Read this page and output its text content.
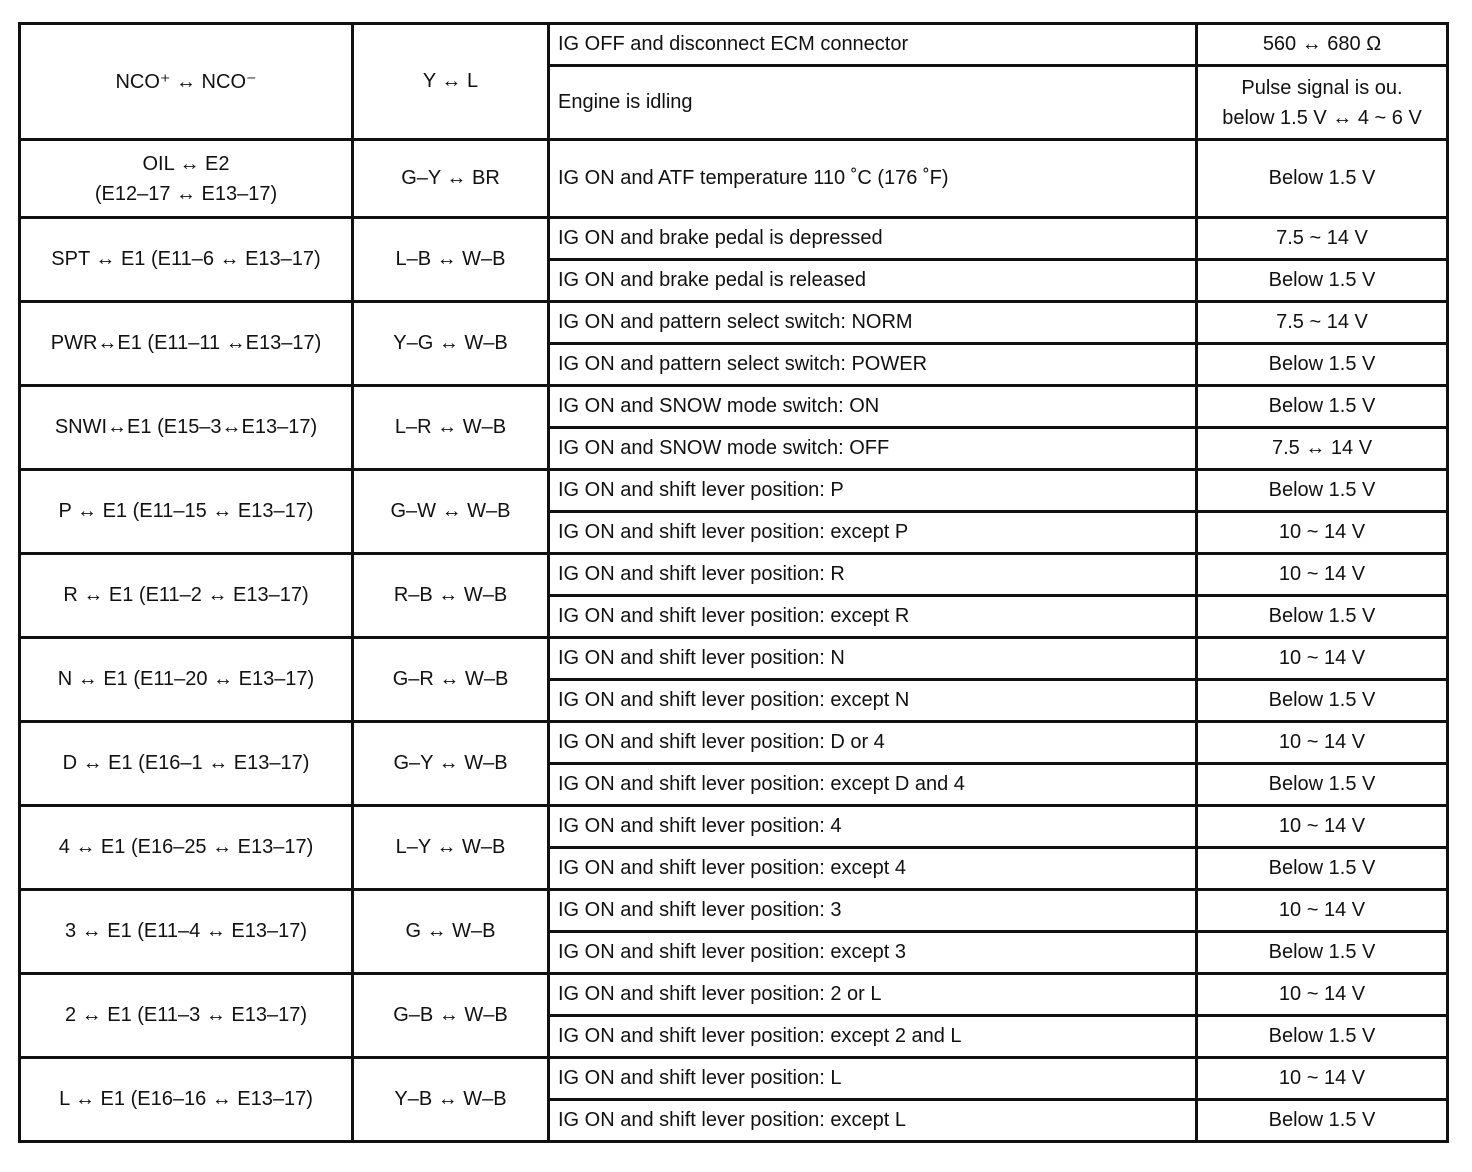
NCO⁺ ↔ NCO⁻	Y ↔ L	IG OFF and disconnect ECM connector	560 ↔ 680 Ω

		Engine is idling	Pulse signal is ou.
below 1.5 V ↔ 4 ~ 6 V

OIL ↔ E2
(E12–17 ↔ E13–17)	G–Y ↔ BR	IG ON and ATF temperature 110 ˚C (176 ˚F)	Below 1.5 V

SPT ↔ E1 (E11–6 ↔ E13–17)	L–B ↔ W–B	IG ON and brake pedal is depressed	7.5 ~ 14 V

		IG ON and brake pedal is released	Below 1.5 V

PWR↔E1 (E11–11 ↔E13–17)	Y–G ↔ W–B	IG ON and pattern select switch: NORM	7.5 ~ 14 V

		IG ON and pattern select switch: POWER	Below 1.5 V

SNWI↔E1 (E15–3↔E13–17)	L–R ↔ W–B	IG ON and SNOW mode switch: ON	Below 1.5 V

		IG ON and SNOW mode switch: OFF	7.5 ↔ 14 V

P ↔ E1 (E11–15 ↔ E13–17)	G–W ↔ W–B	IG ON and shift lever position: P	Below 1.5 V

		IG ON and shift lever position: except P	10 ~ 14 V

R ↔ E1 (E11–2 ↔ E13–17)	R–B ↔ W–B	IG ON and shift lever position: R	10 ~ 14 V

		IG ON and shift lever position: except R	Below 1.5 V

N ↔ E1 (E11–20 ↔ E13–17)	G–R ↔ W–B	IG ON and shift lever position: N	10 ~ 14 V

		IG ON and shift lever position: except N	Below 1.5 V

D ↔ E1 (E16–1 ↔ E13–17)	G–Y ↔ W–B	IG ON and shift lever position: D or 4	10 ~ 14 V

		IG ON and shift lever position: except D and 4	Below 1.5 V

4 ↔ E1 (E16–25 ↔ E13–17)	L–Y ↔ W–B	IG ON and shift lever position: 4	10 ~ 14 V

		IG ON and shift lever position: except 4	Below 1.5 V

3 ↔ E1 (E11–4 ↔ E13–17)	G ↔ W–B	IG ON and shift lever position: 3	10 ~ 14 V

		IG ON and shift lever position: except 3	Below 1.5 V

2 ↔ E1 (E11–3 ↔ E13–17)	G–B ↔ W–B	IG ON and shift lever position: 2 or L	10 ~ 14 V

		IG ON and shift lever position: except 2 and L	Below 1.5 V

L ↔ E1 (E16–16 ↔ E13–17)	Y–B ↔ W–B	IG ON and shift lever position: L	10 ~ 14 V

		IG ON and shift lever position: except L	Below 1.5 V
